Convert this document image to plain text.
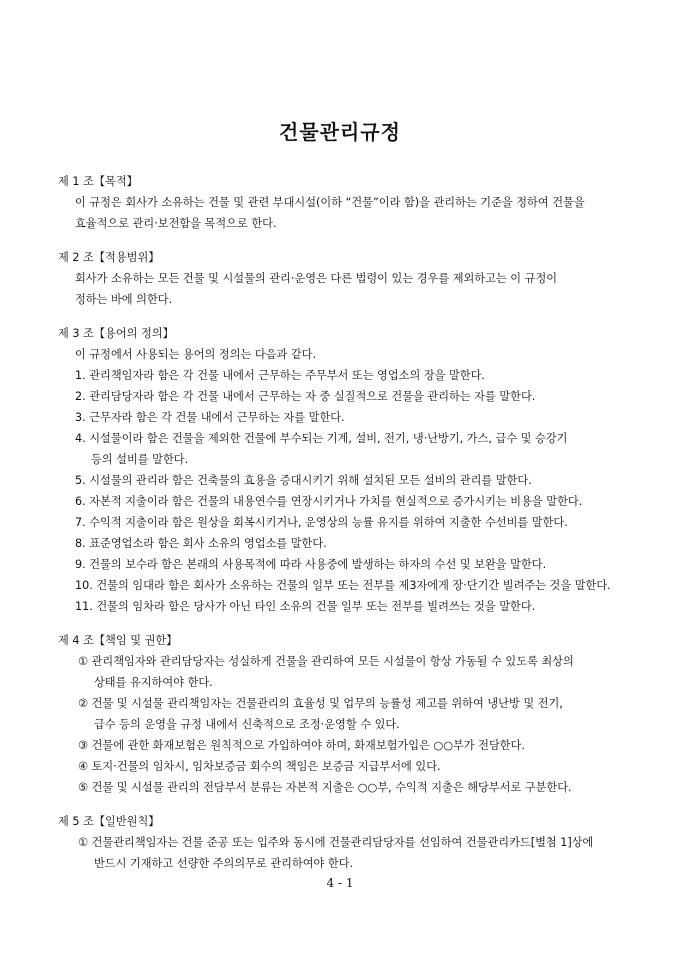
건물관리규정

제 1 조【목적】

이 규정은 회사가 소유하는 건물 및 관련 부대시설(이하 “건물”이라 함)을 관리하는 기준을 정하여 건물을

효율적으로 관리·보전함을 목적으로 한다.

제 2 조【적용범위】

회사가 소유하는 모든 건물 및 시설물의 관리·운영은 다른 법령이 있는 경우를 제외하고는 이 규정이

정하는 바에 의한다.

제 3 조【용어의 정의】

이 규정에서 사용되는 용어의 정의는 다음과 같다.

1. 관리책임자라 함은 각 건물 내에서 근무하는 주무부서 또는 영업소의 장을 말한다.

2. 관리담당자라 함은 각 건물 내에서 근무하는 자 중 실질적으로 건물을 관리하는 자를 말한다.

3. 근무자라 함은 각 건물 내에서 근무하는 자를 말한다.

4. 시설물이라 함은 건물을 제외한 건물에 부수되는 기계, 설비, 전기, 냉·난방기, 가스, 급수 및 승강기

등의 설비를 말한다.

5. 시설물의 관리라 함은 건축물의 효용을 증대시키기 위해 설치된 모든 설비의 관리를 말한다.

6. 자본적 지출이라 함은 건물의 내용연수를 연장시키거나 가치를 현실적으로 증가시키는 비용을 말한다.

7. 수익적 지출이라 함은 원상을 회복시키거나, 운영상의 능률 유지를 위하여 지출한 수선비를 말한다.

8. 표준영업소라 함은 회사 소유의 영업소를 말한다.

9. 건물의 보수라 함은 본래의 사용목적에 따라 사용중에 발생하는 하자의 수선 및 보완을 말한다.

10. 건물의 임대라 함은 회사가 소유하는 건물의 일부 또는 전부를 제3자에게 장·단기간 빌려주는 것을 말한다.

11. 건물의 임차라 함은 당사가 아닌 타인 소유의 건물 일부 또는 전부를 빌려쓰는 것을 말한다.

제 4 조【책임 및 권한】

① 관리책임자와 관리담당자는 성실하게 건물을 관리하여 모든 시설물이 항상 가동될 수 있도록 최상의

상태를 유지하여야 한다.

② 건물 및 시설물 관리책임자는 건물관리의 효율성 및 업무의 능률성 제고를 위하여 냉난방 및 전기,

급수 등의 운영을 규정 내에서 신축적으로 조정·운영할 수 있다.

③ 건물에 관한 화재보험은 원칙적으로 가입하여야 하며, 화재보험가입은 ○○부가 전담한다.

④ 토지·건물의 임차시, 임차보증금 회수의 책임은 보증금 지급부서에 있다.

⑤ 건물 및 시설물 관리의 전담부서 분류는 자본적 지출은 ○○부, 수익적 지출은 해당부서로 구분한다.

제 5 조【일반원칙】

① 건물관리책임자는 건물 준공 또는 입주와 동시에 건물관리담당자를 선임하여 건물관리카드[별첨 1]상에

반드시 기재하고 선량한 주의의무로 관리하여야 한다.

4 - 1
